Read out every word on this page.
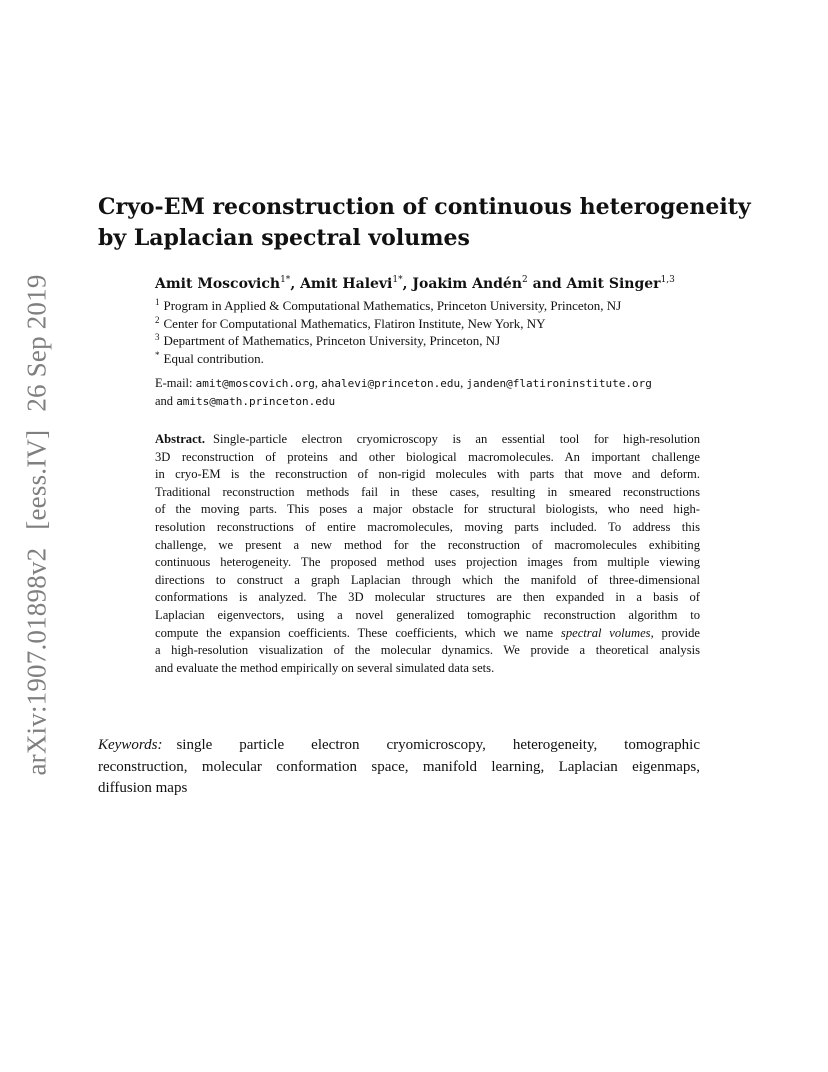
arXiv:1907.01898v2[eess.IV]26 Sep 2019
Cryo-EM reconstruction of continuous heterogeneity
by Laplacian spectral volumes
Amit Moscovich$^{1*}$, Amit Halevi$^{1*}$, Joakim Andén$^2$ and Amit Singer$^{1,3}$
$^1$ Program in Applied & Computational Mathematics, Princeton University, Princeton, NJ
$^2$ Center for Computational Mathematics, Flatiron Institute, New York, NY
$^3$ Department of Mathematics, Princeton University, Princeton, NJ
* Equal contribution.
E-mail: amit@moscovich.org, ahalevi@princeton.edu, janden@flatironinstitute.org
and amits@math.princeton.edu
Abstract. Single-particle electron cryomicroscopy is an essential tool for high-resolution
3D reconstruction of proteins and other biological macromolecules. An important challenge
in cryo-EM is the reconstruction of non-rigid molecules with parts that move and deform.
Traditional reconstruction methods fail in these cases, resulting in smeared reconstructions
of the moving parts. This poses a major obstacle for structural biologists, who need high-
resolution reconstructions of entire macromolecules, moving parts included. To address this
challenge, we present a new method for the reconstruction of macromolecules exhibiting
continuous heterogeneity. The proposed method uses projection images from multiple viewing
directions to construct a graph Laplacian through which the manifold of three-dimensional
conformations is analyzed. The 3D molecular structures are then expanded in a basis of
Laplacian eigenvectors, using a novel generalized tomographic reconstruction algorithm to
compute the expansion coefficients. These coefficients, which we name spectral volumes, provide
a high-resolution visualization of the molecular dynamics. We provide a theoretical analysis
and evaluate the method empirically on several simulated data sets.
Keywords: single particle electron cryomicroscopy, heterogeneity, tomographic
reconstruction, molecular conformation space, manifold learning, Laplacian eigenmaps,
diffusion maps
